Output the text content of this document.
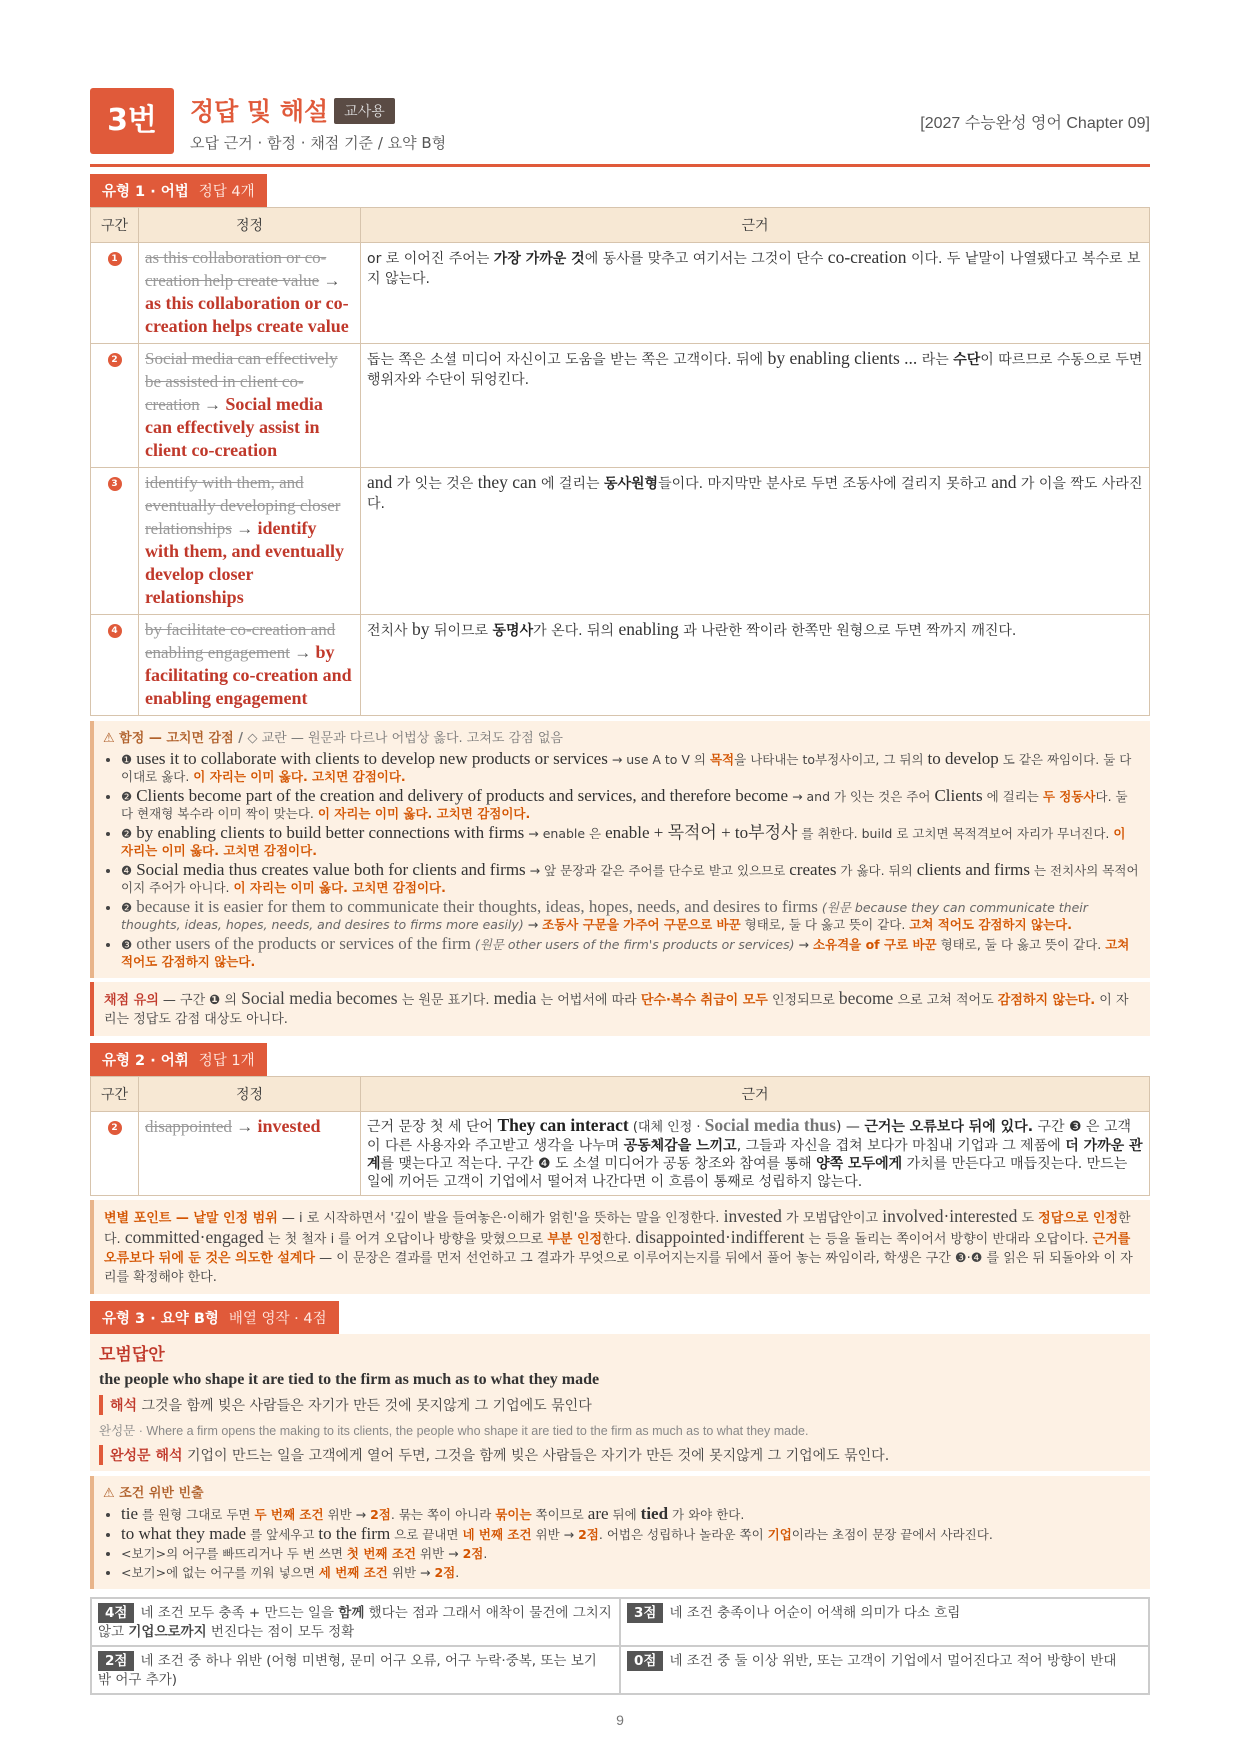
3번	정답 및 해설 교사용
오답 근거 · 함정 · 채점 기준 / 요약 B형
[2027 수능완성 영어 Chapter 09]
유형 1 · 어법 정답 4개
구간	정정	근거
1	as this collaboration or co-creation help create value → as this collaboration or co-creation helps create value	or 로 이어진 주어는 가장 가까운 것에 동사를 맞추고 여기서는 그것이 단수 co-creation 이다. 두 낱말이 나열됐다고 복수로 보지 않는다.
2	Social media can effectively be assisted in client co-creation → Social media can effectively assist in client co-creation	돕는 쪽은 소셜 미디어 자신이고 도움을 받는 쪽은 고객이다. 뒤에 by enabling clients ... 라는 수단이 따르므로 수동으로 두면 행위자와 수단이 뒤엉킨다.
3	identify with them, and eventually developing closer relationships → identify with them, and eventually develop closer relationships	and 가 잇는 것은 they can 에 걸리는 동사원형들이다. 마지막만 분사로 두면 조동사에 걸리지 못하고 and 가 이을 짝도 사라진다.
4	by facilitate co-creation and enabling engagement → by facilitating co-creation and enabling engagement	전치사 by 뒤이므로 동명사가 온다. 뒤의 enabling 과 나란한 짝이라 한쪽만 원형으로 두면 짝까지 깨진다.
⚠ 함정 — 고치면 감점 / ◇ 교란 — 원문과 다르나 어법상 옳다. 고쳐도 감점 없음
• ❶ uses it to collaborate with clients to develop new products or services → use A to V 의 목적을 나타내는 to부정사이고, 그 뒤의 to develop 도 같은 짜임이다. 둘 다 이대로 옳다. 이 자리는 이미 옳다. 고치면 감점이다.
• ❷ Clients become part of the creation and delivery of products and services, and therefore become → and 가 잇는 것은 주어 Clients 에 걸리는 두 정동사다. 둘 다 현재형 복수라 이미 짝이 맞는다. 이 자리는 이미 옳다. 고치면 감점이다.
• ❷ by enabling clients to build better connections with firms → enable 은 enable + 목적어 + to부정사 를 취한다. build 로 고치면 목적격보어 자리가 무너진다. 이 자리는 이미 옳다. 고치면 감점이다.
• ❹ Social media thus creates value both for clients and firms → 앞 문장과 같은 주어를 단수로 받고 있으므로 creates 가 옳다. 뒤의 clients and firms 는 전치사의 목적어이지 주어가 아니다. 이 자리는 이미 옳다. 고치면 감점이다.
• ❷ because it is easier for them to communicate their thoughts, ideas, hopes, needs, and desires to firms (원문 because they can communicate their thoughts, ideas, hopes, needs, and desires to firms more easily) → 조동사 구문을 가주어 구문으로 바꾼 형태로, 둘 다 옳고 뜻이 같다. 고쳐 적어도 감점하지 않는다.
• ❸ other users of the products or services of the firm (원문 other users of the firm's products or services) → 소유격을 of 구로 바꾼 형태로, 둘 다 옳고 뜻이 같다. 고쳐 적어도 감점하지 않는다.
채점 유의 — 구간 ❶ 의 Social media becomes 는 원문 표기다. media 는 어법서에 따라 단수·복수 취급이 모두 인정되므로 become 으로 고쳐 적어도 감점하지 않는다. 이 자리는 정답도 감점 대상도 아니다.
유형 2 · 어휘 정답 1개
구간	정정	근거
2	disappointed → invested	근거 문장 첫 세 단어 They can interact (대체 인정 · Social media thus) — 근거는 오류보다 뒤에 있다. 구간 ❸ 은 고객이 다른 사용자와 주고받고 생각을 나누며 공동체감을 느끼고, 그들과 자신을 겹쳐 보다가 마침내 기업과 그 제품에 더 가까운 관계를 맺는다고 적는다. 구간 ❹ 도 소셜 미디어가 공동 창조와 참여를 통해 양쪽 모두에게 가치를 만든다고 매듭짓는다. 만드는 일에 끼어든 고객이 기업에서 떨어져 나간다면 이 흐름이 통째로 성립하지 않는다.
변별 포인트 — 낱말 인정 범위 — i 로 시작하면서 '깊이 발을 들여놓은·이해가 얽힌'을 뜻하는 말을 인정한다. invested 가 모범답안이고 involved·interested 도 정답으로 인정한다. committed·engaged 는 첫 철자 i 를 어겨 오답이나 방향을 맞혔으므로 부분 인정한다. disappointed·indifferent 는 등을 돌리는 쪽이어서 방향이 반대라 오답이다. 근거를 오류보다 뒤에 둔 것은 의도한 설계다 — 이 문장은 결과를 먼저 선언하고 그 결과가 무엇으로 이루어지는지를 뒤에서 풀어 놓는 짜임이라, 학생은 구간 ❸·❹ 를 읽은 뒤 되돌아와 이 자리를 확정해야 한다.
유형 3 · 요약 B형 배열 영작 · 4점
모범답안
the people who shape it are tied to the firm as much as to what they made
해석 그것을 함께 빚은 사람들은 자기가 만든 것에 못지않게 그 기업에도 묶인다
완성문 · Where a firm opens the making to its clients, the people who shape it are tied to the firm as much as to what they made.
완성문 해석 기업이 만드는 일을 고객에게 열어 두면, 그것을 함께 빚은 사람들은 자기가 만든 것에 못지않게 그 기업에도 묶인다.
⚠ 조건 위반 빈출
• tie 를 원형 그대로 두면 두 번째 조건 위반 → 2점. 묶는 쪽이 아니라 묶이는 쪽이므로 are 뒤에 tied 가 와야 한다.
• to what they made 를 앞세우고 to the firm 으로 끝내면 네 번째 조건 위반 → 2점. 어법은 성립하나 놀라운 쪽이 기업이라는 초점이 문장 끝에서 사라진다.
• <보기>의 어구를 빠뜨리거나 두 번 쓰면 첫 번째 조건 위반 → 2점.
• <보기>에 없는 어구를 끼워 넣으면 세 번째 조건 위반 → 2점.
4점 네 조건 모두 충족 + 만드는 일을 함께 했다는 점과 그래서 애착이 물건에 그치지 않고 기업으로까지 번진다는 점이 모두 정확
3점 네 조건 충족이나 어순이 어색해 의미가 다소 흐림
2점 네 조건 중 하나 위반 (어형 미변형, 문미 어구 오류, 어구 누락·중복, 또는 보기 밖 어구 추가)
0점 네 조건 중 둘 이상 위반, 또는 고객이 기업에서 멀어진다고 적어 방향이 반대
9
